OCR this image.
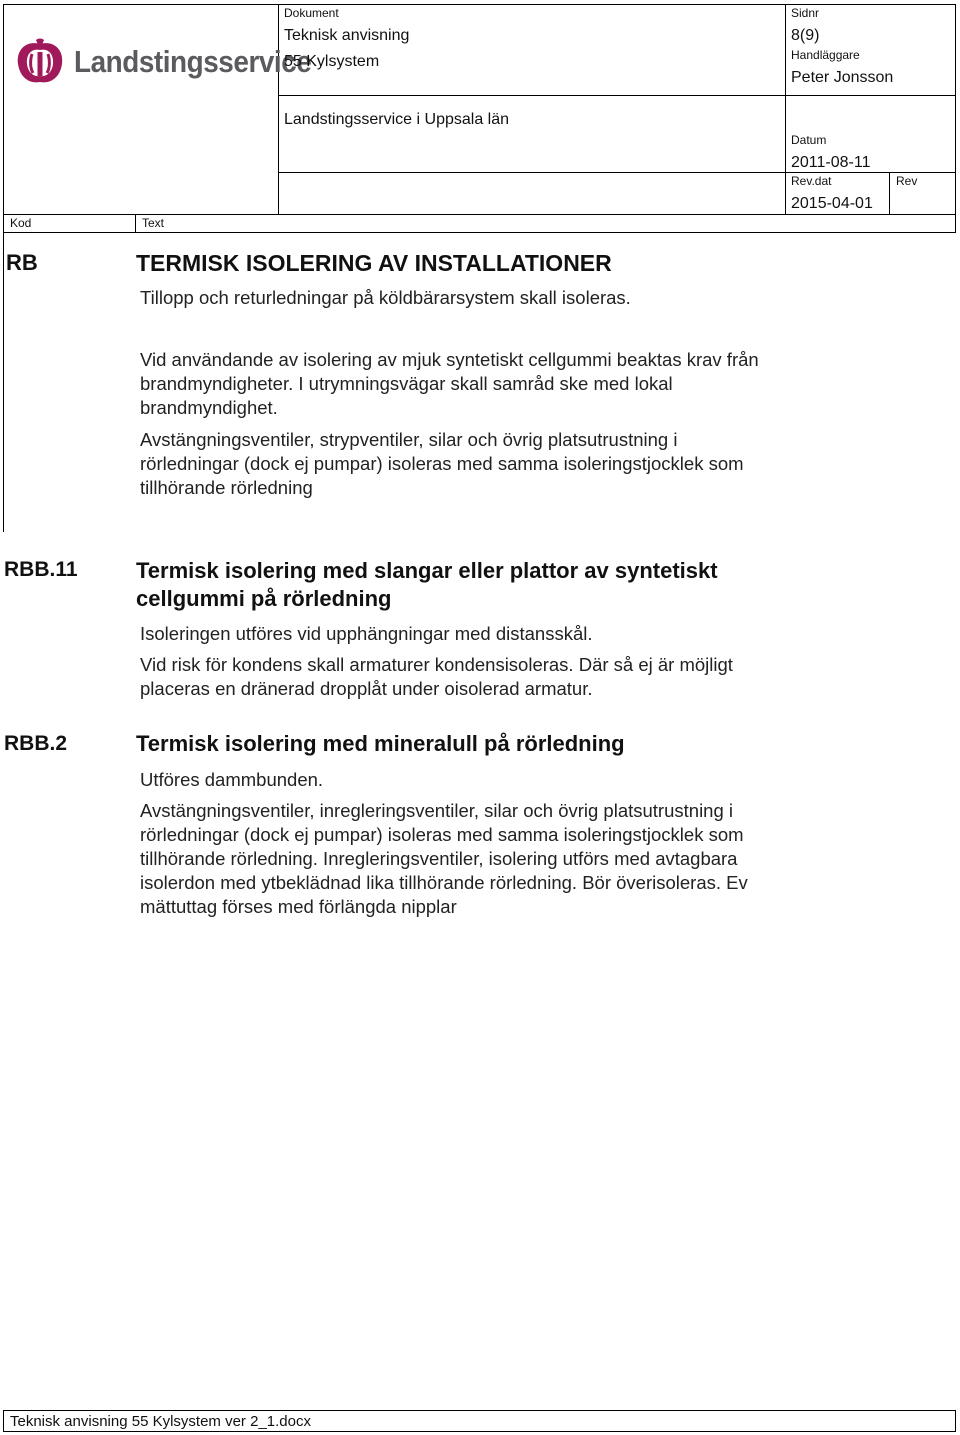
Landstingsservice
Dokument
Teknisk anvisning
55 Kylsystem
Landstingsservice i Uppsala län
Sidnr
8(9)
Handläggare
Peter Jonsson
Datum
2011-08-11
Rev.dat
2015-04-01
Rev
Kod	Text
RB	TERMISK ISOLERING AV INSTALLATIONER
Tillopp och returledningar på köldbärarsystem skall isoleras.
Vid användande av isolering av mjuk syntetiskt cellgummi beaktas krav från
brandmyndigheter. I utrymningsvägar skall samråd ske med lokal
brandmyndighet.
Avstängningsventiler, strypventiler, silar och övrig platsutrustning i
rörledningar (dock ej pumpar) isoleras med samma isoleringstjocklek som
tillhörande rörledning
RBB.11	Termisk isolering med slangar eller plattor av syntetiskt
cellgummi på rörledning
Isoleringen utföres vid upphängningar med distansskål.
Vid risk för kondens skall armaturer kondensisoleras. Där så ej är möjligt
placeras en dränerad dropplåt under oisolerad armatur.
RBB.2	Termisk isolering med mineralull på rörledning
Utföres dammbunden.
Avstängningsventiler, inregleringsventiler, silar och övrig platsutrustning i
rörledningar (dock ej pumpar) isoleras med samma isoleringstjocklek som
tillhörande rörledning. Inregleringsventiler, isolering utförs med avtagbara
isolerdon med ytbeklädnad lika tillhörande rörledning. Bör överisoleras. Ev
mättuttag förses med förlängda nipplar
Teknisk anvisning 55 Kylsystem ver 2_1.docx
